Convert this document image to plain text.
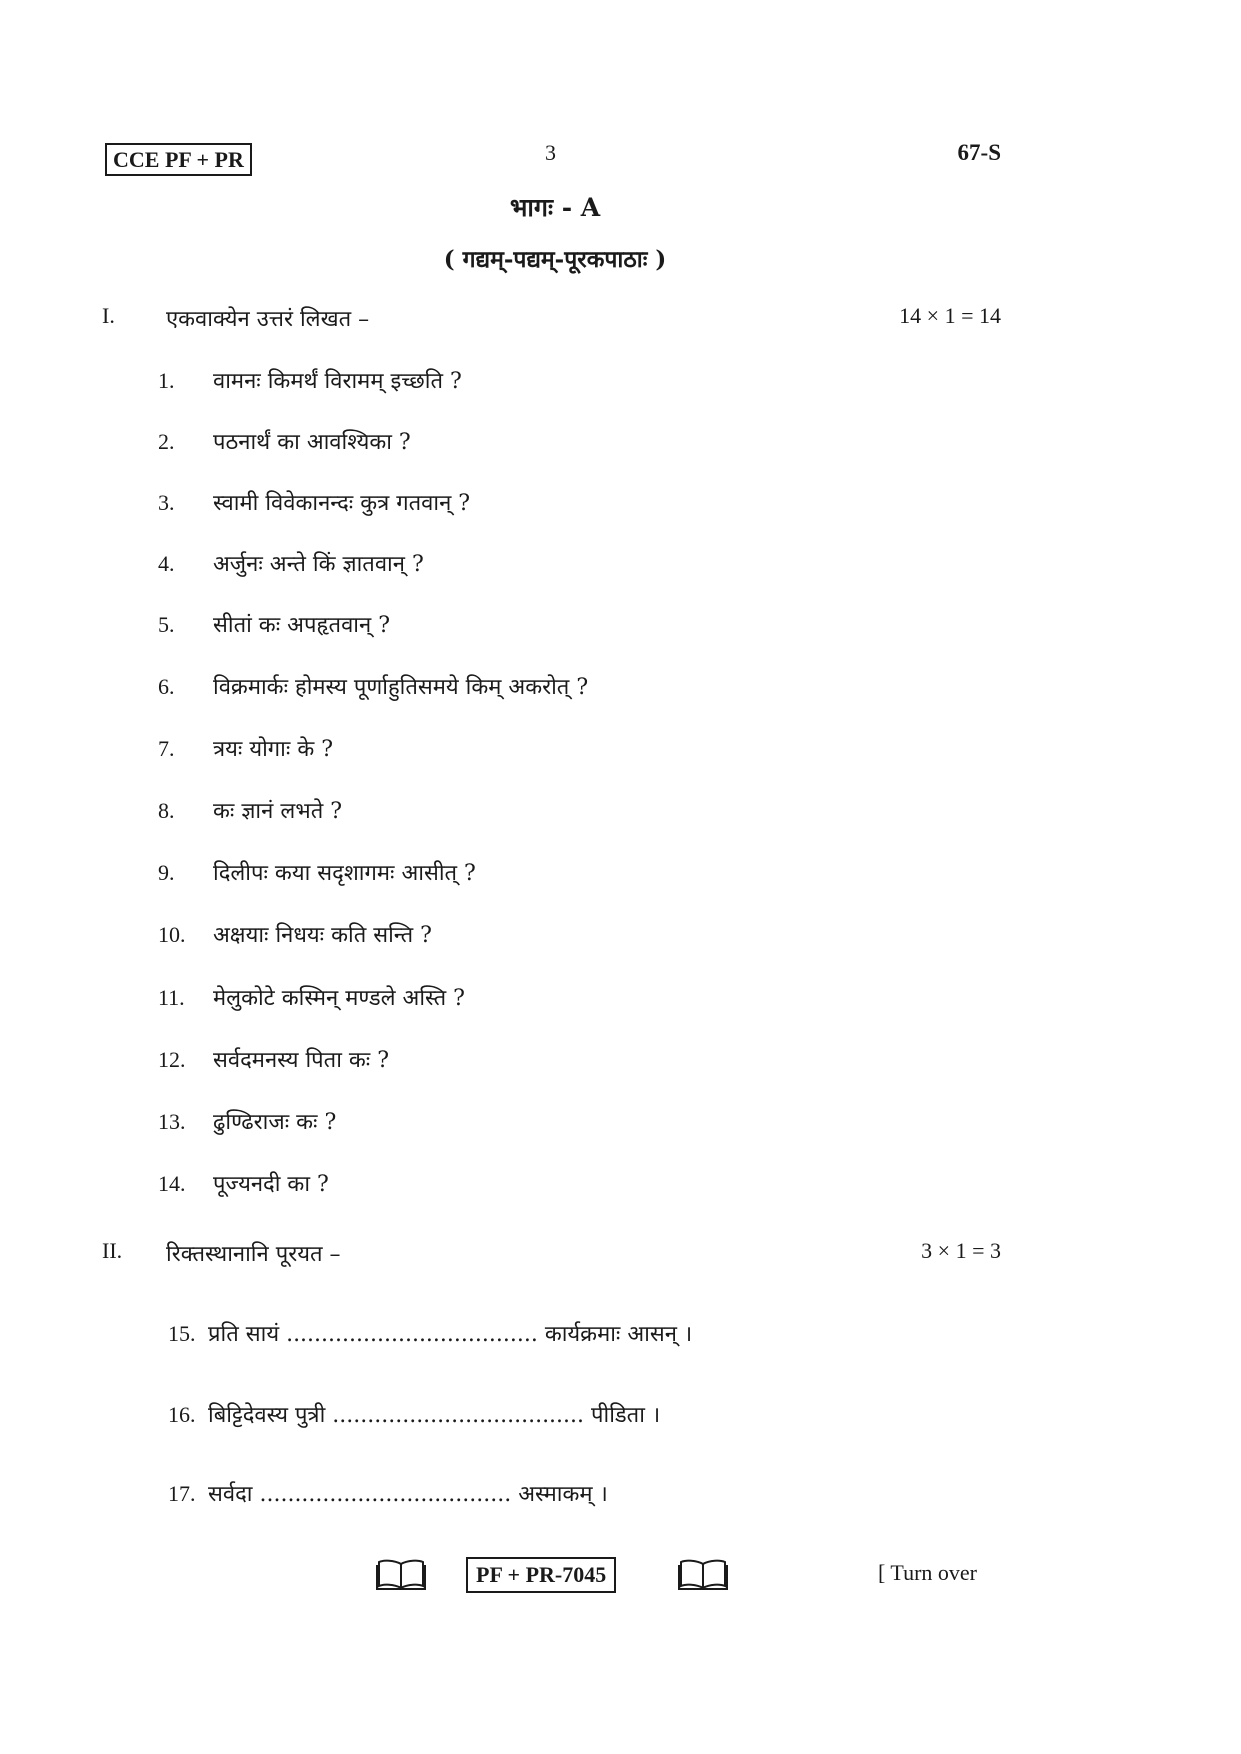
CCE PF + PR	3	67-S
भागः - A
( गद्यम्-पद्यम्-पूरकपाठाः )
I. एकवाक्येन उत्तरं लिखत –	14 × 1 = 14
1. वामनः किमर्थं विरामम् इच्छति ?
2. पठनार्थं का आवश्यिका ?
3. स्वामी विवेकानन्दः कुत्र गतवान् ?
4. अर्जुनः अन्ते किं ज्ञातवान् ?
5. सीतां कः अपहृतवान् ?
6. विक्रमार्कः होमस्य पूर्णाहुतिसमये किम् अकरोत् ?
7. त्रयः योगाः के ?
8. कः ज्ञानं लभते ?
9. दिलीपः कया सदृशागमः आसीत् ?
10. अक्षयाः निधयः कति सन्ति ?
11. मेलुकोटे कस्मिन् मण्डले अस्ति ?
12. सर्वदमनस्य पिता कः ?
13. ढुण्ढिराजः कः ?
14. पूज्यनदी का ?
II. रिक्तस्थानानि पूरयत –	3 × 1 = 3
15. प्रति सायं .................................... कार्यक्रमाः आसन् ।
16. बिट्टिदेवस्य पुत्री .................................... पीडिता ।
17. सर्वदा .................................... अस्माकम् ।
PF + PR-7045	[ Turn over
